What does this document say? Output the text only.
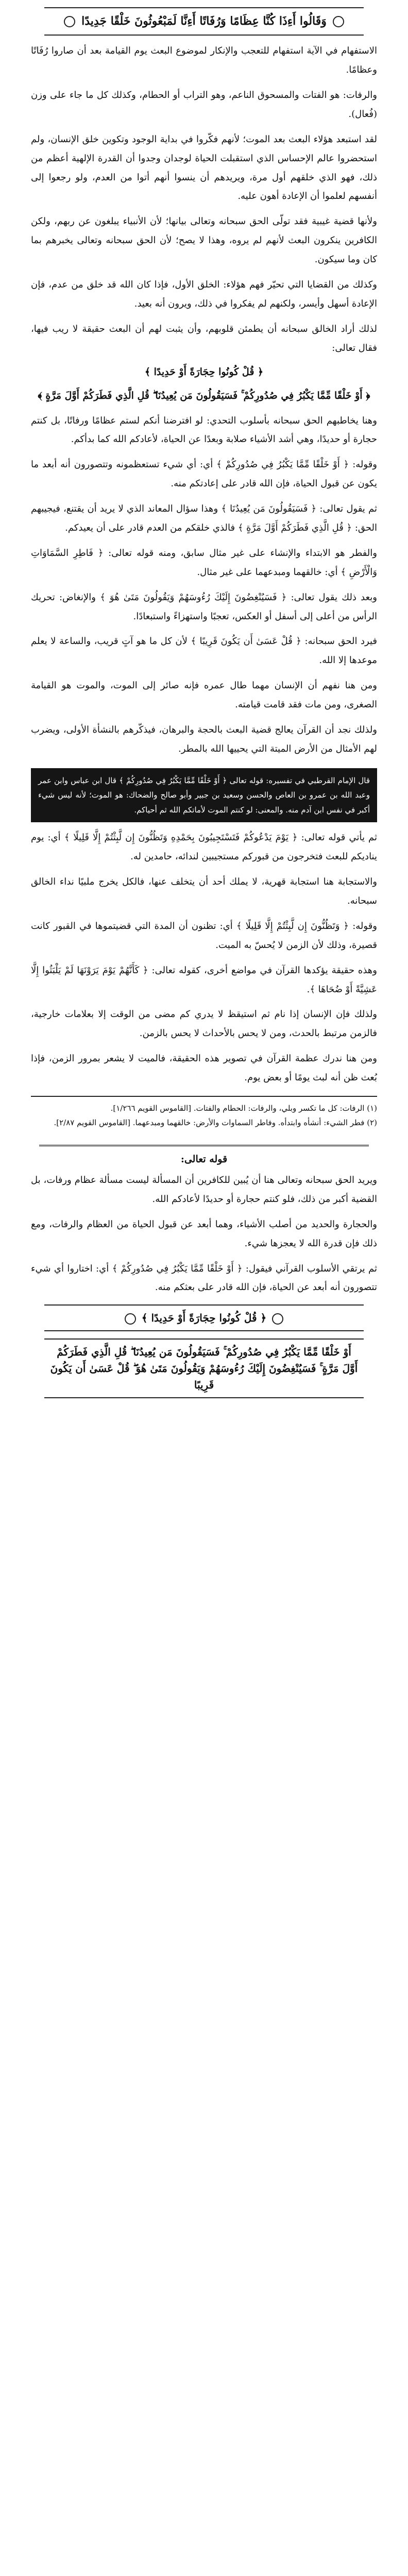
وَقَالُوا أَءِذَا كُنَّا عِظَامًا وَرُفَاتًا أَءِنَّا لَمَبْعُوثُونَ خَلْقًا جَدِيدًا

الاستفهام في الآية استفهام للتعجب والإنكار لموضوع البعث يوم القيامة بعد أن صاروا رُفَاتًا وعظامًا.

والرفات: هو الفتات والمسحوق الناعم، وهو التراب أو الحطام، وكذلك كل ما جاء على وزن (فُعال).

لقد استبعد هؤلاء البعث بعد الموت؛ لأنهم فكّروا في بداية الوجود وتكوين خلق الإنسان، ولم استحضروا عالم الإحساس الذي استقبلت الحياة لوجدان وجدوا أن القدرة الإلهية أعظم من ذلك، فهو الذي خلقهم أول مرة، ويريدهم أن ينسوا أنهم أتوا من العدم، ولو رجعوا إلى أنفسهم لعلموا أن الإعادة أهون عليه.

ولأنها قضية غيبية فقد تولّى الحق سبحانه وتعالى بيانها؛ لأن الأنبياء يبلغون عن ربهم، ولكن الكافرين ينكرون البعث لأنهم لم يروه، وهذا لا يصح؛ لأن الحق سبحانه وتعالى يخبرهم بما كان وما سيكون.

وكذلك من القضايا التي تحيّر فهم هؤلاء: الخلق الأول، فإذا كان الله قد خلق من عدم، فإن الإعادة أسهل وأيسر، ولكنهم لم يفكروا في ذلك، ويرون أنه بعيد.

لذلك أراد الخالق سبحانه أن يطمئن قلوبهم، وأن يثبت لهم أن البعث حقيقة لا ريب فيها، فقال تعالى:

﴿ قُلْ كُونُوا حِجَارَةً أَوْ حَدِيدًا ﴾
﴿ أَوْ خَلْقًا مِّمَّا يَكْبُرُ فِي صُدُورِكُمْ ۚ فَسَيَقُولُونَ مَن يُعِيدُنَا ۖ قُلِ الَّذِي فَطَرَكُمْ أَوَّلَ مَرَّةٍ ﴾

وهنا يخاطبهم الحق سبحانه بأسلوب التحدي: لو افترضنا أنكم لستم عظامًا ورفاتًا، بل كنتم حجارة أو حديدًا، وهي أشد الأشياء صلابة وبعدًا عن الحياة، لأعادكم الله كما بدأكم.

وقوله: ﴿ أَوْ خَلْقًا مِّمَّا يَكْبُرُ فِي صُدُورِكُمْ ﴾ أي: أي شيء تستعظمونه وتتصورون أنه أبعد ما يكون عن قبول الحياة، فإن الله قادر على إعادتكم منه.

ثم يقول تعالى: ﴿ فَسَيَقُولُونَ مَن يُعِيدُنَا ﴾ وهذا سؤال المعاند الذي لا يريد أن يقتنع، فيجيبهم الحق: ﴿ قُلِ الَّذِي فَطَرَكُمْ أَوَّلَ مَرَّةٍ ﴾ فالذي خلقكم من العدم قادر على أن يعيدكم.

والفطر هو الابتداء والإنشاء على غير مثال سابق، ومنه قوله تعالى: ﴿ فَاطِرِ السَّمَاوَاتِ وَالْأَرْضِ ﴾ أي: خالقهما ومبدعهما على غير مثال.

وبعد ذلك يقول تعالى: ﴿ فَسَيُنْغِضُونَ إِلَيْكَ رُءُوسَهُمْ وَيَقُولُونَ مَتَىٰ هُوَ ﴾ والإنغاض: تحريك الرأس من أعلى إلى أسفل أو العكس، تعجبًا واستهزاءً واستبعادًا.

فيرد الحق سبحانه: ﴿ قُلْ عَسَىٰ أَن يَكُونَ قَرِيبًا ﴾ لأن كل ما هو آتٍ قريب، والساعة لا يعلم موعدها إلا الله.

ومن هنا نفهم أن الإنسان مهما طال عمره فإنه صائر إلى الموت، والموت هو القيامة الصغرى، ومن مات فقد قامت قيامته.

ولذلك نجد أن القرآن يعالج قضية البعث بالحجة والبرهان، فيذكّرهم بالنشأة الأولى، ويضرب لهم الأمثال من الأرض الميتة التي يحييها الله بالمطر.

قال الإمام القرطبي في تفسيره: قوله تعالى ﴿ أَوْ خَلْقًا مِّمَّا يَكْبُرُ فِي صُدُورِكُمْ ﴾ قال ابن عباس وابن عمر وعبد الله بن عمرو بن العاص والحسن وسعيد بن جبير وأبو صالح والضحاك: هو الموت؛ لأنه ليس شيء أكبر في نفس ابن آدم منه. والمعنى: لو كنتم الموت لأماتكم الله ثم أحياكم.

ثم يأتي قوله تعالى: ﴿ يَوْمَ يَدْعُوكُمْ فَتَسْتَجِيبُونَ بِحَمْدِهِ وَتَظُنُّونَ إِن لَّبِثْتُمْ إِلَّا قَلِيلًا ﴾ أي: يوم يناديكم للبعث فتخرجون من قبوركم مستجيبين لندائه، حامدين له.

والاستجابة هنا استجابة قهرية، لا يملك أحد أن يتخلف عنها، فالكل يخرج ملبيًا نداء الخالق سبحانه.

وقوله: ﴿ وَتَظُنُّونَ إِن لَّبِثْتُمْ إِلَّا قَلِيلًا ﴾ أي: تظنون أن المدة التي قضيتموها في القبور كانت قصيرة، وذلك لأن الزمن لا يُحسّ به الميت.

وهذه حقيقة يؤكدها القرآن في مواضع أخرى، كقوله تعالى: ﴿ كَأَنَّهُمْ يَوْمَ يَرَوْنَهَا لَمْ يَلْبَثُوا إِلَّا عَشِيَّةً أَوْ ضُحَاهَا ﴾.

ولذلك فإن الإنسان إذا نام ثم استيقظ لا يدري كم مضى من الوقت إلا بعلامات خارجية، فالزمن مرتبط بالحدث، ومن لا يحس بالأحداث لا يحس بالزمن.

ومن هنا ندرك عظمة القرآن في تصوير هذه الحقيقة، فالميت لا يشعر بمرور الزمن، فإذا بُعث ظن أنه لبث يومًا أو بعض يوم.

(١) الرفات: كل ما تكسر وبلي، والرفات: الحطام والفتات. [القاموس القويم ١/٢٦٦].
(٢) فطر الشيء: أنشأه وابتدأه. وفاطر السماوات والأرض: خالقهما ومبدعهما. [القاموس القويم ٢/٨٧].
قوله تعالى:

ويريد الحق سبحانه وتعالى هنا أن يُبين للكافرين أن المسألة ليست مسألة عظام ورفات، بل القضية أكبر من ذلك، فلو كنتم حجارة أو حديدًا لأعادكم الله.

والحجارة والحديد من أصلب الأشياء، وهما أبعد عن قبول الحياة من العظام والرفات، ومع ذلك فإن قدرة الله لا يعجزها شيء.

ثم يرتقي الأسلوب القرآني فيقول: ﴿ أَوْ خَلْقًا مِّمَّا يَكْبُرُ فِي صُدُورِكُمْ ﴾ أي: اختاروا أي شيء تتصورون أنه أبعد عن الحياة، فإن الله قادر على بعثكم منه.

﴿ قُلْ كُونُوا حِجَارَةً أَوْ حَدِيدًا ﴾
أَوْ خَلْقًا مِّمَّا يَكْبُرُ فِي صُدُورِكُمْ ۚ فَسَيَقُولُونَ مَن يُعِيدُنَا ۖ قُلِ الَّذِي فَطَرَكُمْ أَوَّلَ مَرَّةٍ ۚ فَسَيُنْغِضُونَ إِلَيْكَ رُءُوسَهُمْ وَيَقُولُونَ مَتَىٰ هُوَ ۖ قُلْ عَسَىٰ أَن يَكُونَ قَرِيبًا
